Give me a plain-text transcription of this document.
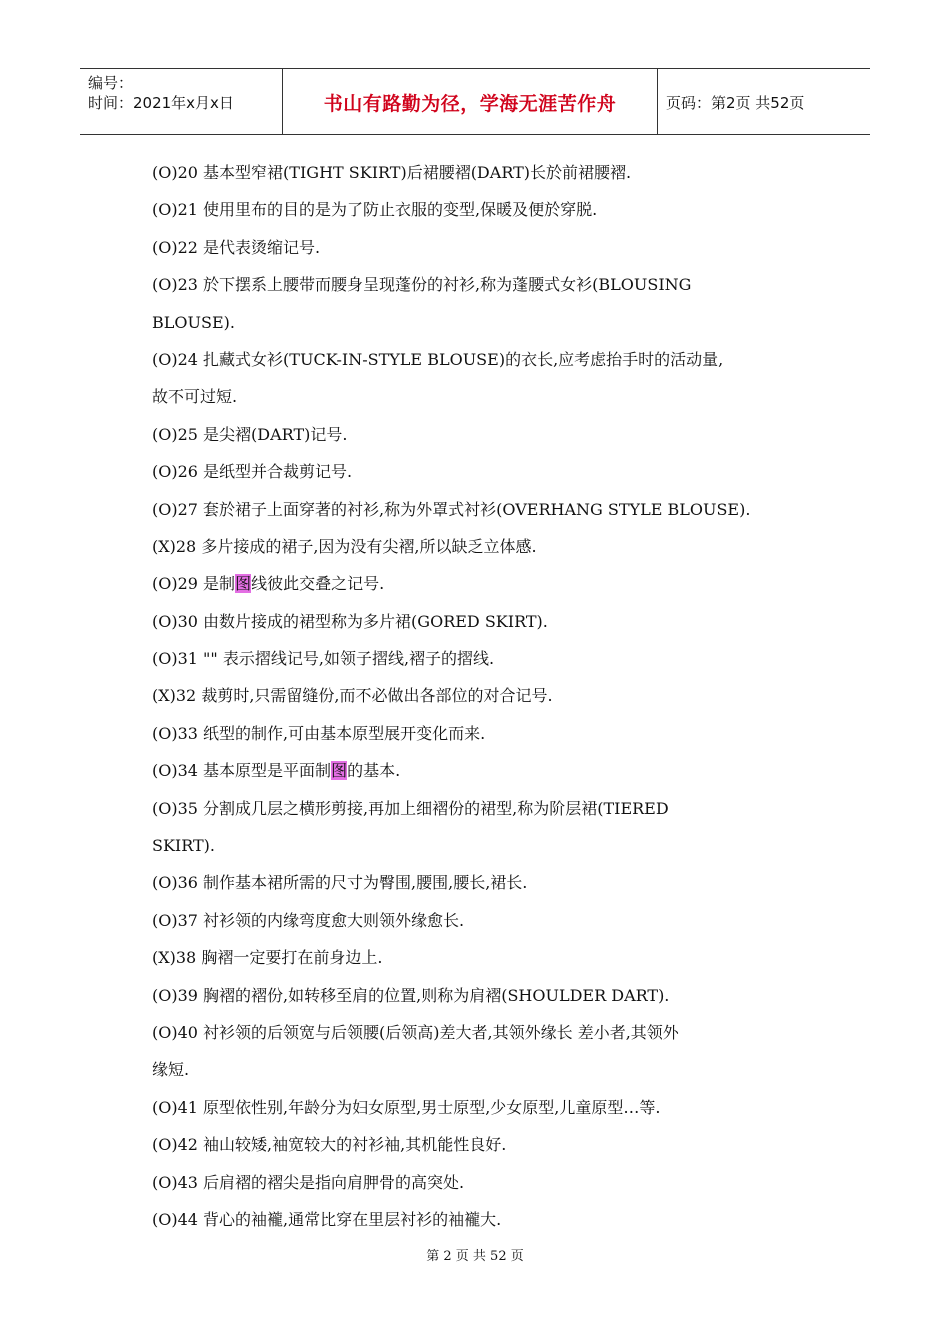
编号：
时间：2021年x月x日	书山有路勤为径，学海无涯苦作舟	页码：第2页 共52页
(O)20 基本型窄裙(TIGHT SKIRT)后裙腰褶(DART)长於前裙腰褶.
(O)21 使用里布的目的是为了防止衣服的变型,保暖及便於穿脱.
(O)22 是代表烫缩记号.
(O)23 於下摆系上腰带而腰身呈现蓬份的衬衫,称为蓬腰式女衫(BLOUSING
BLOUSE).
(O)24 扎藏式女衫(TUCK-IN-STYLE BLOUSE)的衣长,应考虑抬手时的活动量,
故不可过短.
(O)25 是尖褶(DART)记号.
(O)26 是纸型并合裁剪记号.
(O)27 套於裙子上面穿著的衬衫,称为外罩式衬衫(OVERHANG STYLE BLOUSE).
(X)28 多片接成的裙子,因为没有尖褶,所以缺乏立体感.
(O)29 是制图线彼此交叠之记号.
(O)30 由数片接成的裙型称为多片裙(GORED SKIRT).
(O)31 "" 表示摺线记号,如领子摺线,褶子的摺线.
(X)32 裁剪时,只需留缝份,而不必做出各部位的对合记号.
(O)33 纸型的制作,可由基本原型展开变化而来.
(O)34 基本原型是平面制图的基本.
(O)35 分割成几层之横形剪接,再加上细褶份的裙型,称为阶层裙(TIERED
SKIRT).
(O)36 制作基本裙所需的尺寸为臀围,腰围,腰长,裙长.
(O)37 衬衫领的内缘弯度愈大则领外缘愈长.
(X)38 胸褶一定要打在前身边上.
(O)39 胸褶的褶份,如转移至肩的位置,则称为肩褶(SHOULDER DART).
(O)40 衬衫领的后领宽与后领腰(后领高)差大者,其领外缘长 差小者,其领外
缘短.
(O)41 原型依性别,年龄分为妇女原型,男士原型,少女原型,儿童原型…等.
(O)42 袖山较矮,袖宽较大的衬衫袖,其机能性良好.
(O)43 后肩褶的褶尖是指向肩胛骨的高突处.
(O)44 背心的袖襱,通常比穿在里层衬衫的袖襱大.
第 2 页 共 52 页
